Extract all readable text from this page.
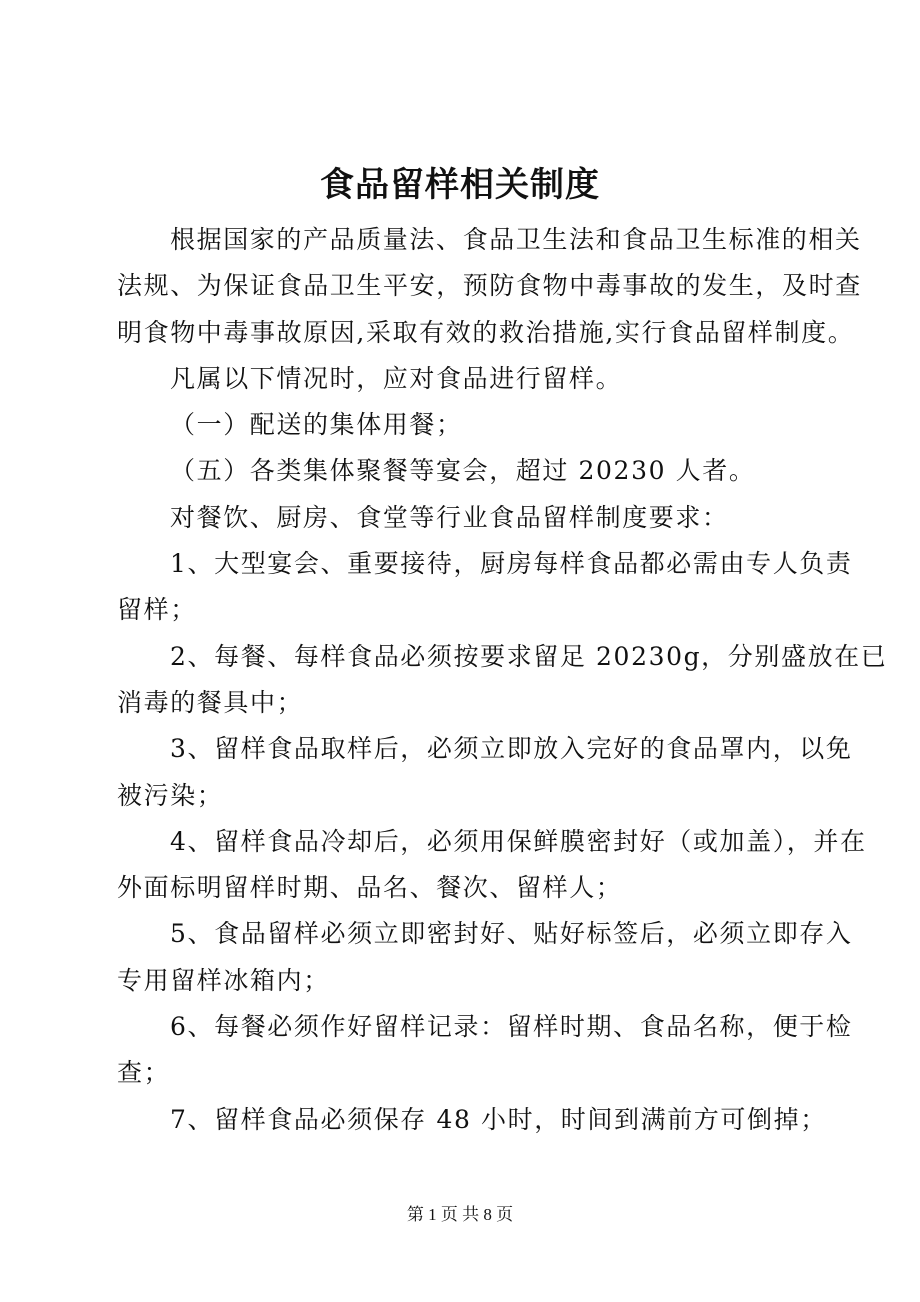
食品留样相关制度
根据国家的产品质量法、食品卫生法和食品卫生标准的相关
法规、为保证食品卫生平安，预防食物中毒事故的发生，及时查
明食物中毒事故原因,采取有效的救治措施,实行食品留样制度。
凡属以下情况时，应对食品进行留样。
（一）配送的集体用餐；
（五）各类集体聚餐等宴会，超过 20230 人者。
对餐饮、厨房、食堂等行业食品留样制度要求：
1、大型宴会、重要接待，厨房每样食品都必需由专人负责
留样；
2、每餐、每样食品必须按要求留足 20230g，分别盛放在已
消毒的餐具中；
3、留样食品取样后，必须立即放入完好的食品罩内，以免
被污染；
4、留样食品冷却后，必须用保鲜膜密封好（或加盖），并在
外面标明留样时期、品名、餐次、留样人；
5、食品留样必须立即密封好、贴好标签后，必须立即存入
专用留样冰箱内；
6、每餐必须作好留样记录：留样时期、食品名称，便于检
查；
7、留样食品必须保存 48 小时，时间到满前方可倒掉；
第 1 页 共 8 页
